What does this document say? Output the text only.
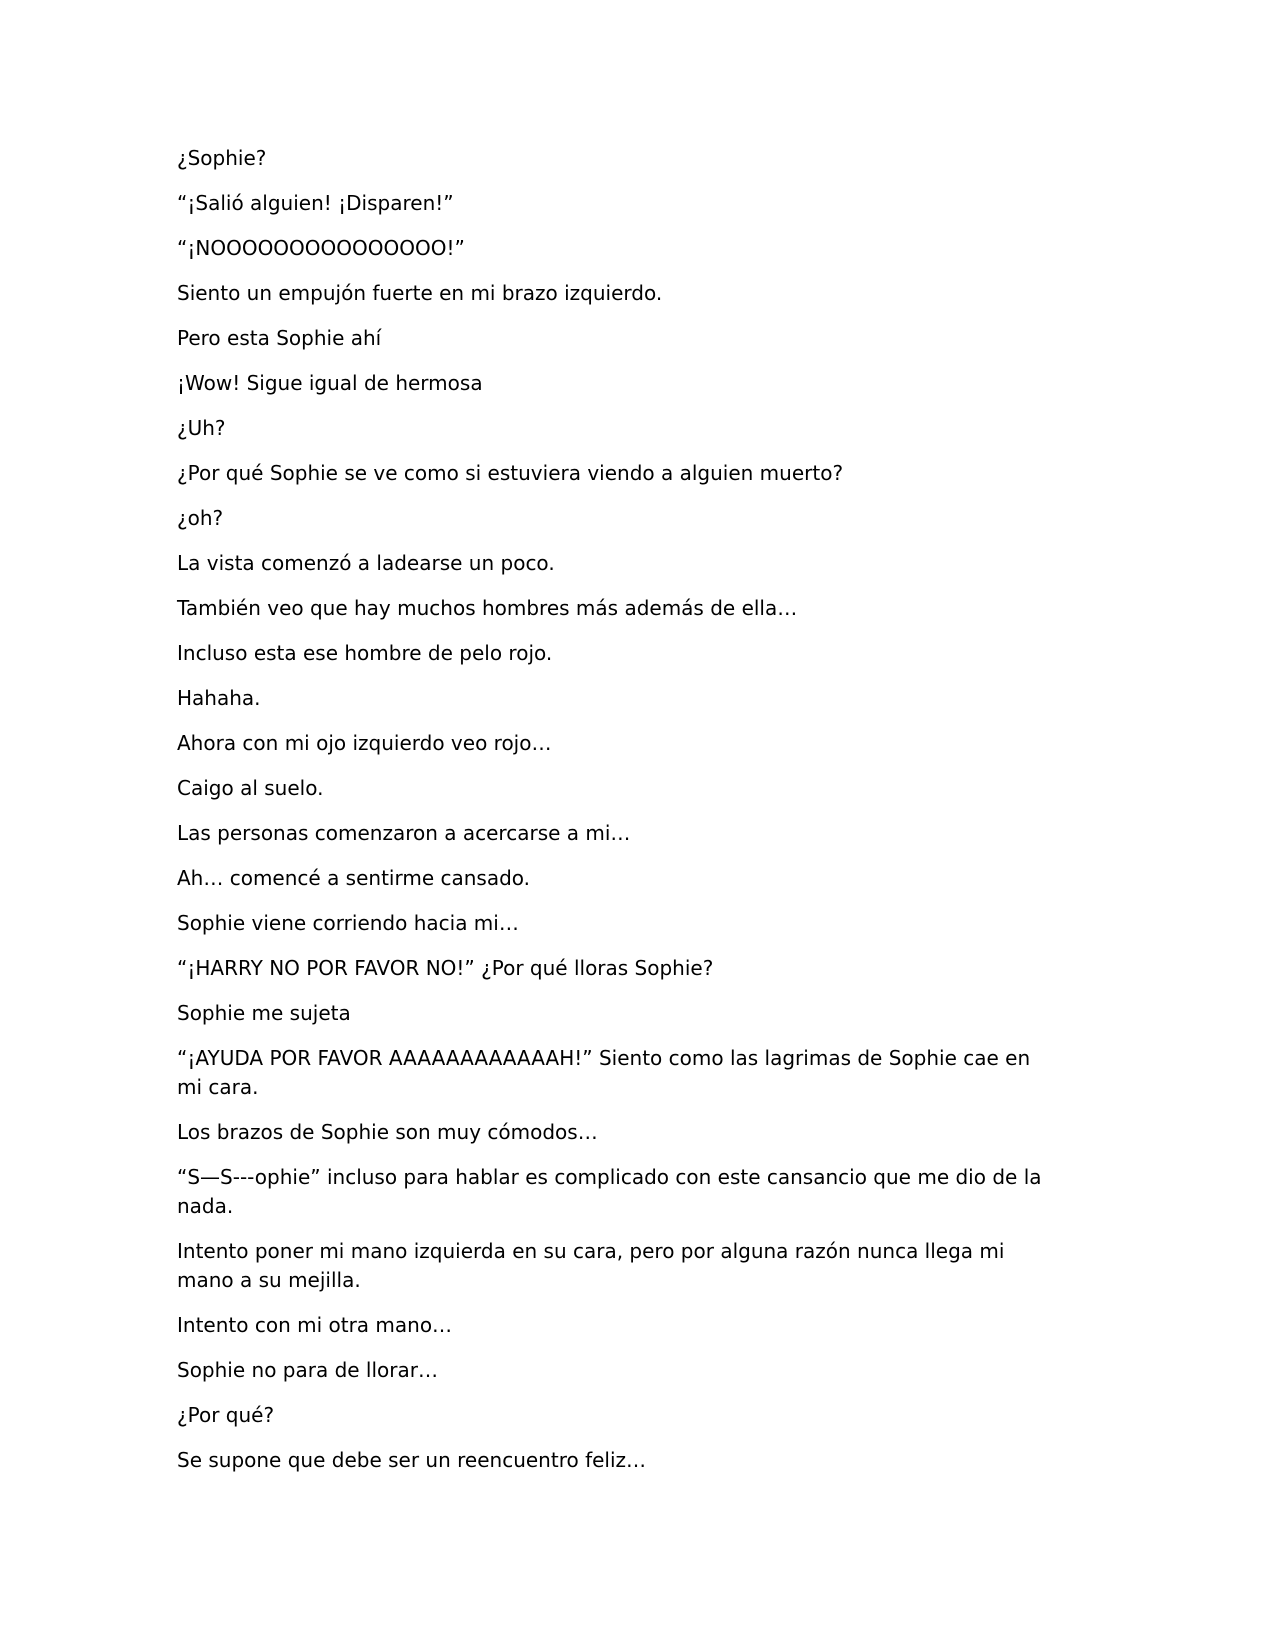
¿Sophie?

“¡Salió alguien! ¡Disparen!”

“¡NOOOOOOOOOOOOOOO!”

Siento un empujón fuerte en mi brazo izquierdo.

Pero esta Sophie ahí

¡Wow! Sigue igual de hermosa

¿Uh?

¿Por qué Sophie se ve como si estuviera viendo a alguien muerto?

¿oh?

La vista comenzó a ladearse un poco.

También veo que hay muchos hombres más además de ella…

Incluso esta ese hombre de pelo rojo.

Hahaha.

Ahora con mi ojo izquierdo veo rojo…

Caigo al suelo.

Las personas comenzaron a acercarse a mi…

Ah… comencé a sentirme cansado.

Sophie viene corriendo hacia mi…

“¡HARRY NO POR FAVOR NO!” ¿Por qué lloras Sophie?

Sophie me sujeta

“¡AYUDA POR FAVOR AAAAAAAAAAAAH!” Siento como las lagrimas de Sophie cae en mi cara.

Los brazos de Sophie son muy cómodos…

“S—S---ophie” incluso para hablar es complicado con este cansancio que me dio de la nada.

Intento poner mi mano izquierda en su cara, pero por alguna razón nunca llega mi mano a su mejilla.

Intento con mi otra mano…

Sophie no para de llorar…

¿Por qué?

Se supone que debe ser un reencuentro feliz…
